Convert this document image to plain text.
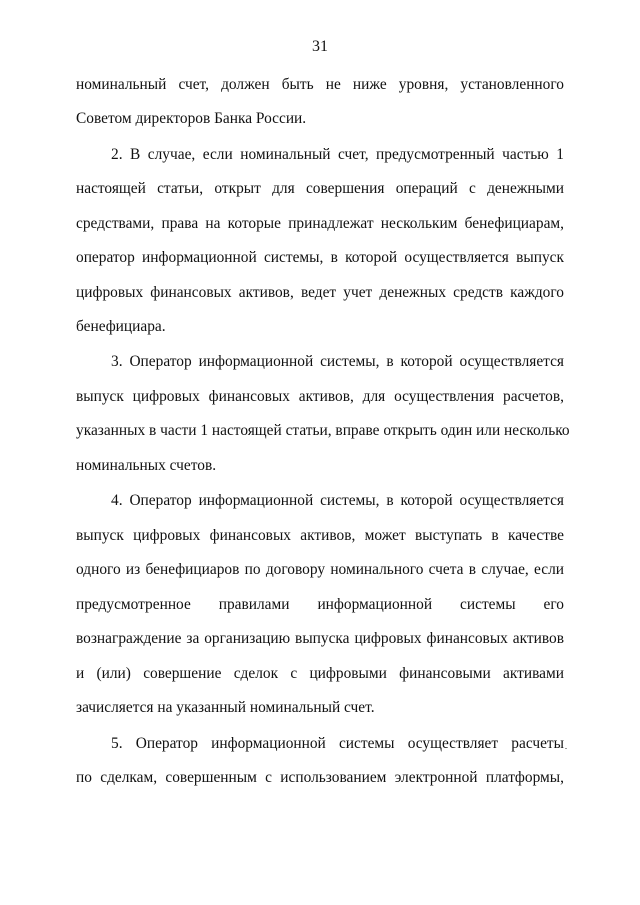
31
номинальный счет, должен быть не ниже уровня, установленного
Советом директоров Банка России.
2. В случае, если номинальный счет, предусмотренный частью 1
настоящей статьи, открыт для совершения операций с денежными
средствами, права на которые принадлежат нескольким бенефициарам,
оператор информационной системы, в которой осуществляется выпуск
цифровых финансовых активов, ведет учет денежных средств каждого
бенефициара.
3. Оператор информационной системы, в которой осуществляется
выпуск цифровых финансовых активов, для осуществления расчетов,
указанных в части 1 настоящей статьи, вправе открыть один или несколько
номинальных счетов.
4. Оператор информационной системы, в которой осуществляется
выпуск цифровых финансовых активов, может выступать в качестве
одного из бенефициаров по договору номинального счета в случае, если
предусмотренное правилами информационной системы его
вознаграждение за организацию выпуска цифровых финансовых активов
и (или) совершение сделок с цифровыми финансовыми активами
зачисляется на указанный номинальный счет.
5. Оператор информационной системы осуществляет расчеты
по сделкам, совершенным с использованием электронной платформы,
